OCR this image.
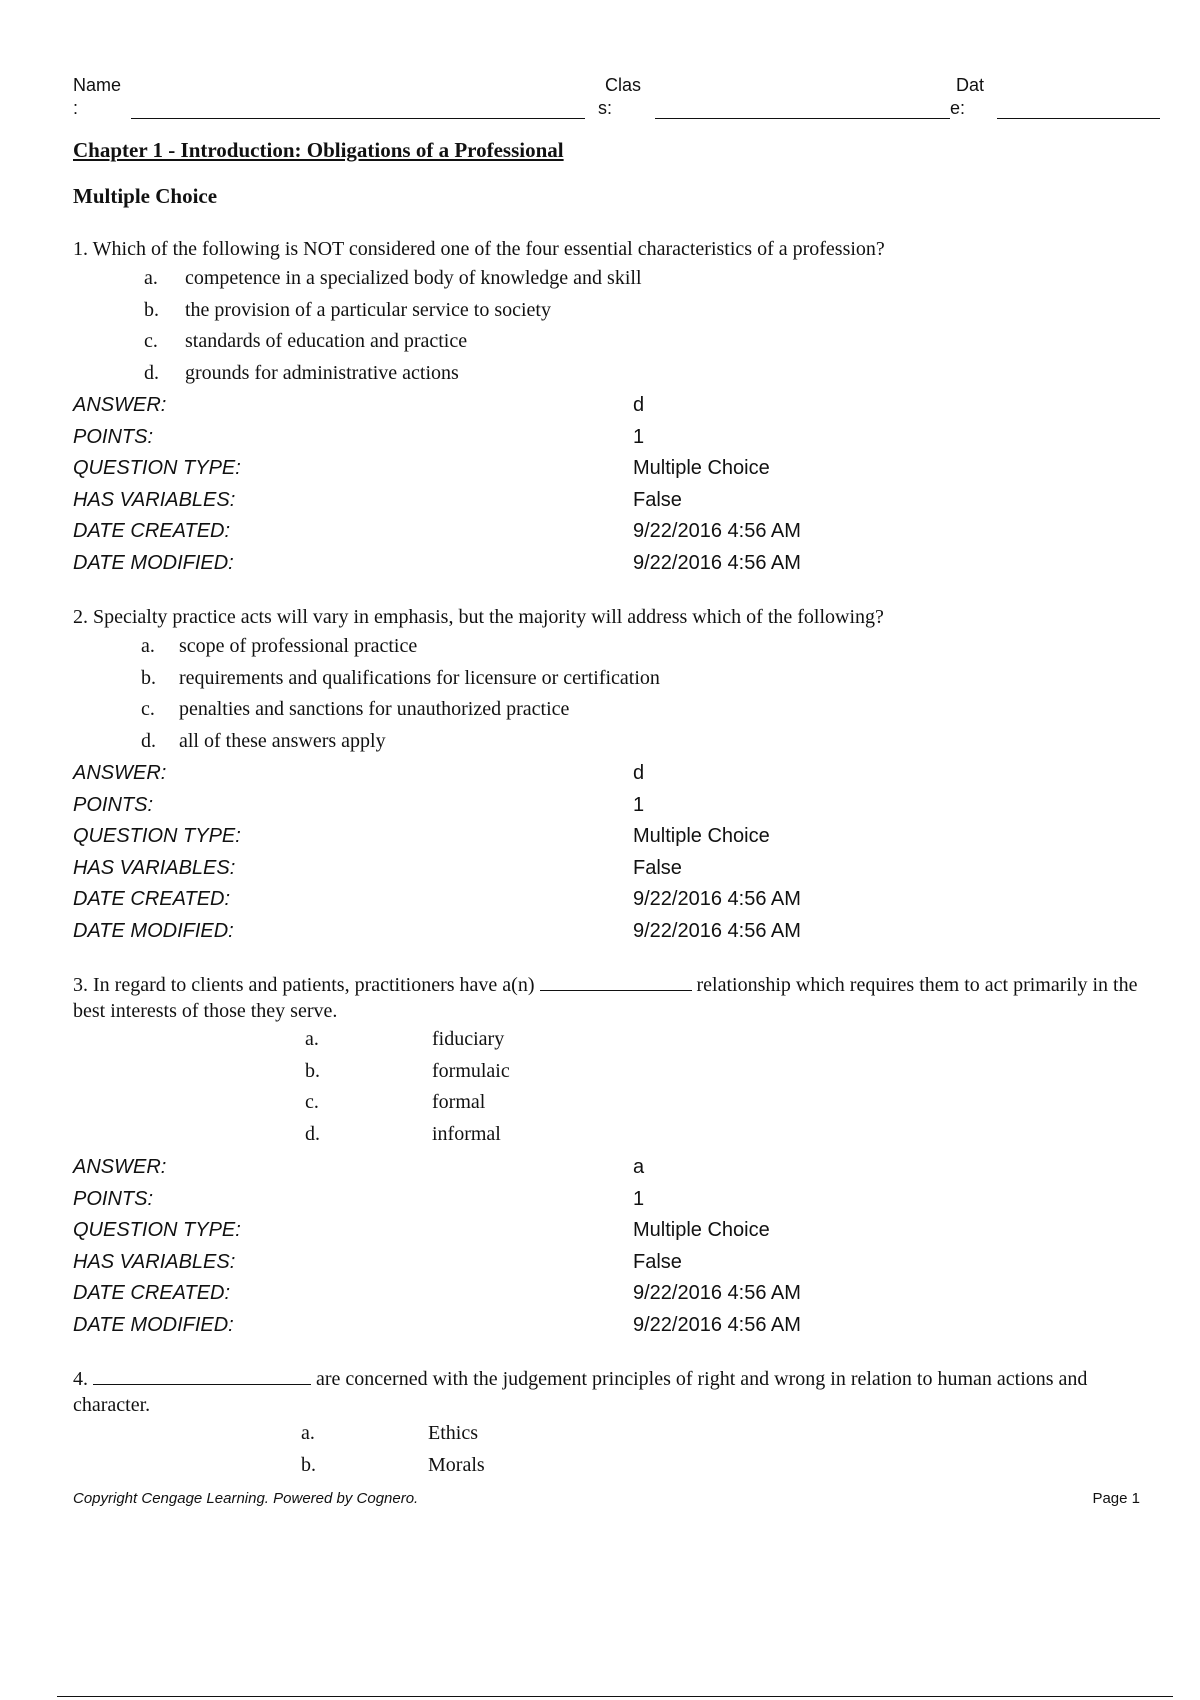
Name
:
Clas
s:
Dat
e:
Chapter 1 - Introduction: Obligations of a Professional
Multiple Choice
1. Which of the following is NOT considered one of the four essential characteristics of a profession?
a. competence in a specialized body of knowledge and skill
b. the provision of a particular service to society
c. standards of education and practice
d. grounds for administrative actions
ANSWER:	d
POINTS:	1
QUESTION TYPE:	Multiple Choice
HAS VARIABLES:	False
DATE CREATED:	9/22/2016 4:56 AM
DATE MODIFIED:	9/22/2016 4:56 AM
2. Specialty practice acts will vary in emphasis, but the majority will address which of the following?
a. scope of professional practice
b. requirements and qualifications for licensure or certification
c. penalties and sanctions for unauthorized practice
d. all of these answers apply
ANSWER:	d
POINTS:	1
QUESTION TYPE:	Multiple Choice
HAS VARIABLES:	False
DATE CREATED:	9/22/2016 4:56 AM
DATE MODIFIED:	9/22/2016 4:56 AM
3. In regard to clients and patients, practitioners have a(n)	relationship which requires them to act primarily in the best interests of those they serve.
a.	fiduciary
b.	formulaic
c.	formal
d.	informal
ANSWER:	a
POINTS:	1
QUESTION TYPE:	Multiple Choice
HAS VARIABLES:	False
DATE CREATED:	9/22/2016 4:56 AM
DATE MODIFIED:	9/22/2016 4:56 AM
4.	are concerned with the judgement principles of right and wrong in relation to human actions and character.
a.	Ethics
b.	Morals
Copyright Cengage Learning. Powered by Cognero.	Page 1
